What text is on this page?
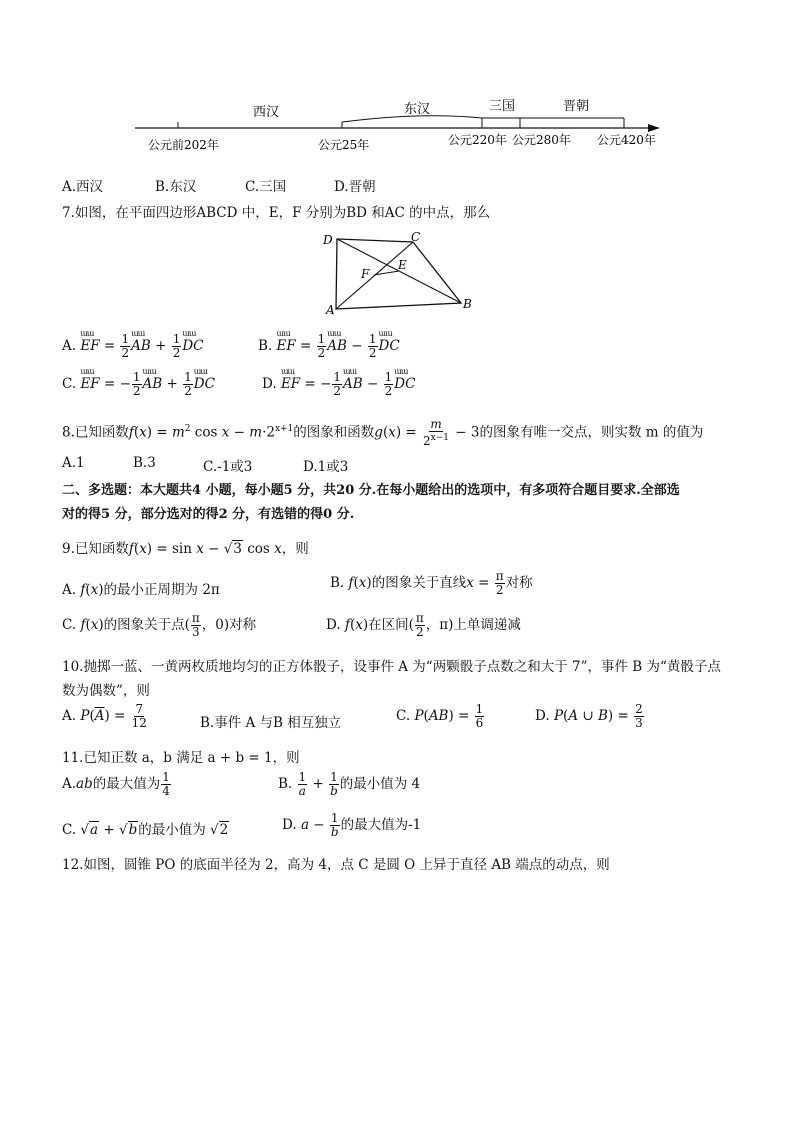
西汉	东汉	三国	晋朝
公元前202年	公元25年	公元220年 公元280年 公元420年
A.西汉	B.东汉	C.三国	D.晋朝
7.如图，在平面四边形ABCD 中，E，F 分别为BD 和AC 的中点，那么
D	C
F
E
A	B
A. ɯɯ EF = $\frac{1}{2}$ ɯɯ AB + $\frac{1}{2}$ ɯɯ DC	B. ɯɯ EF = $\frac{1}{2}$ ɯɯ AB − $\frac{1}{2}$ ɯɯ DC
C. ɯɯ EF = − $\frac{1}{2}$ ɯɯ AB + $\frac{1}{2}$ ɯɯ DC	D. ɯɯ EF = − $\frac{1}{2}$ ɯɯ AB − $\frac{1}{2}$ ɯɯ DC
8.已知函数$f(x) = m^2$ $\cos x - m\cdot 2^{x+1}$的图象和函数$g(x) = \frac{m}{2^{x-1}} - 3$的图象有唯一交点，则实数 m 的值为
A.1	B.3	C.-1或3	D.1或3
二、多选题：本大题共4 小题，每小题5 分，共20 分.在每小题给出的选项中，有多项符合题目要求.全部选
对的得5 分，部分选对的得2 分，有选错的得0 分.
9.已知函数f(x) = sin x − √3 cos x，则
A. f(x)的最小正周期为 2π	B. f(x)的图象关于直线$x = \frac{\pi}{2}$ 对称
C. f(x)的图象关于点( $\frac{\pi}{3}$ ，0)对称	D. f(x)在区间( $\frac{\pi}{2}$ ，π)上单调递减
10.抛掷一蓝、一黄两枚质地均匀的正方体骰子，设事件 A 为“两颗骰子点数之和大于 7”，事件 B 为“黄骰子点
数为偶数”，则
A. $P(\overline{A}) = \frac{7}{12}$	B.事件 A 与B 相互独立	C. $P(AB) = \frac{1}{6}$	D. P(A ∪ $B) = \frac{2}{3}$
11.已知正数 a，b 满足 a + b = 1，则
A.ab的最大值为 $\frac{1}{4}$	B. $\frac{1}{a} + \frac{1}{b}$ 的最小值为 4
C. √a + √b的最小值为 √2	D. $a - \frac{1}{b}$ 的最大值为-1
12.如图，圆锥 PO 的底面半径为 2，高为 4，点 C 是圆 O 上异于直径 AB 端点的动点，则
